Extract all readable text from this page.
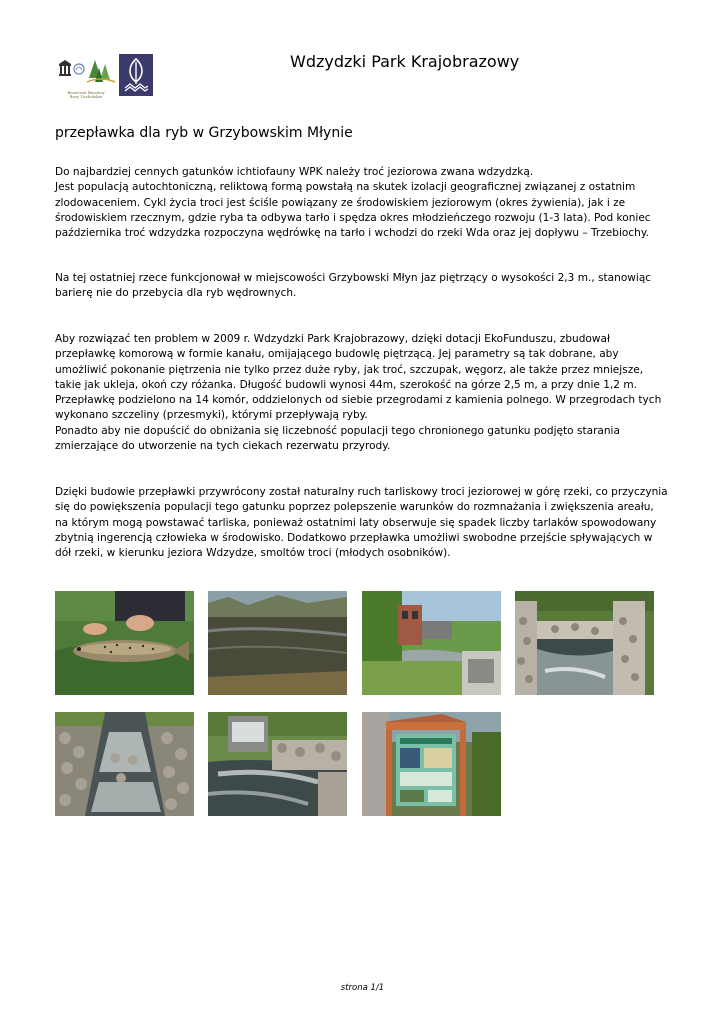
Rezerwat Biosfery
Bory Tucholskie
Wdzydzki Park Krajobrazowy
przepławka dla ryb w Grzybowskim Młynie

Do najbardziej cennych gatunków ichtiofauny WPK należy troć jeziorowa zwana wdzydzką.
Jest populacją autochtoniczną, reliktową formą powstałą na skutek izolacji geograficznej związanej z ostatnim zlodowaceniem. Cykl życia troci jest ściśle powiązany ze środowiskiem jeziorowym (okres żywienia), jak i ze środowiskiem rzecznym, gdzie ryba ta odbywa tarło i spędza okres młodzieńczego rozwoju (1-3 lata). Pod koniec października troć wdzydzka rozpoczyna wędrówkę na tarło i wchodzi do rzeki Wda oraz jej dopływu – Trzebiochy.

Na tej ostatniej rzece funkcjonował w miejscowości Grzybowski Młyn jaz piętrzący o wysokości 2,3 m., stanowiąc barierę nie do przebycia dla ryb wędrownych.

Aby rozwiązać ten problem w 2009 r. Wdzydzki Park Krajobrazowy, dzięki dotacji EkoFunduszu, zbudował przepławkę komorową w formie kanału, omijającego budowlę piętrzącą. Jej parametry są tak dobrane, aby umożliwić pokonanie piętrzenia nie tylko przez duże ryby, jak troć, szczupak, węgorz, ale także przez mniejsze, takie jak ukleja, okoń czy różanka. Długość budowli wynosi 44m, szerokość na górze 2,5 m, a przy dnie 1,2 m. Przepławkę podzielono na 14 komór, oddzielonych od siebie przegrodami z kamienia polnego. W przegrodach tych wykonano szczeliny (przesmyki), którymi przepływają ryby.
Ponadto aby nie dopuścić do obniżania się liczebność populacji tego chronionego gatunku podjęto starania zmierzające do utworzenie na tych ciekach rezerwatu przyrody.

Dzięki budowie przepławki przywrócony został naturalny ruch tarliskowy troci jeziorowej w górę rzeki, co przyczynia się do powiększenia populacji tego gatunku poprzez polepszenie warunków do rozmnażania i zwiększenia areału, na którym mogą powstawać tarliska, ponieważ ostatnimi laty obserwuje się spadek liczby tarlaków spowodowany zbytnią ingerencją człowieka w środowisko. Dodatkowo przepławka umożliwi swobodne przejście spływających w dół rzeki, w kierunku jeziora Wdzydze, smoltów troci (młodych osobników).

strona 1/1
